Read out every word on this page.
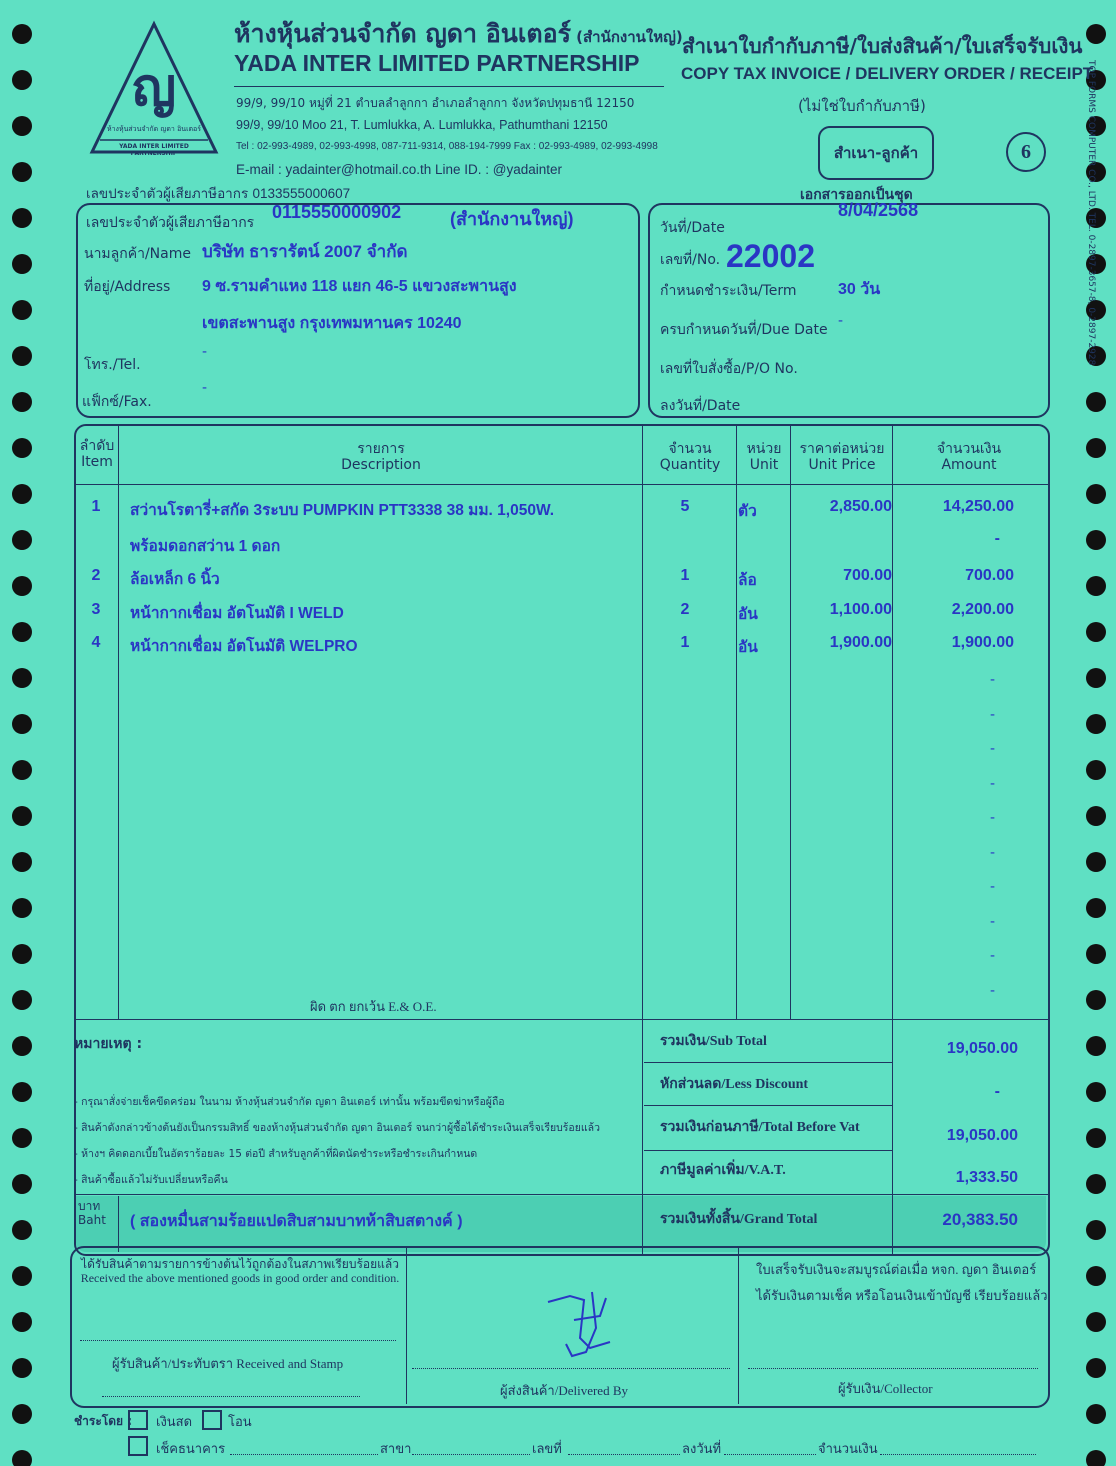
TOP FORMS COMPUTER CO., LTD. TEL. 0-2897-3657-8, 0-2897-2928
ญ
ห้างหุ้นส่วนจำกัด ญดา อินเตอร์
YADA INTER LIMITED PARTNERSHIP
ห้างหุ้นส่วนจำกัด ญดา อินเตอร์ (สำนักงานใหญ่)
YADA INTER LIMITED PARTNERSHIP
99/9, 99/10 หมู่ที่ 21 ตำบลลำลูกกา อำเภอลำลูกกา จังหวัดปทุมธานี 12150
99/9, 99/10 Moo 21, T. Lumlukka, A. Lumlukka, Pathumthani 12150
Tel : 02-993-4989, 02-993-4998, 087-711-9314, 088-194-7999 Fax : 02-993-4989, 02-993-4998
E-mail : yadainter@hotmail.co.th Line ID. : @yadainter
เลขประจำตัวผู้เสียภาษีอากร 0133555000607
สำเนาใบกำกับภาษี/ใบส่งสินค้า/ใบเสร็จรับเงิน
COPY TAX INVOICE / DELIVERY ORDER / RECEIPT
(ไม่ใช่ใบกำกับภาษี)
สำเนา-ลูกค้า	6
เอกสารออกเป็นชุด
เลขประจำตัวผู้เสียภาษีอากร
0115550000902	(สำนักงานใหญ่)
นามลูกค้า/Name บริษัท ธารารัตน์ 2007 จำกัด
ที่อยู่/Address 9 ซ.รามคำแหง 118 แยก 46-5 แขวงสะพานสูง
เขตสะพานสูง กรุงเทพมหานคร 10240
โทร./Tel.
-
แฟ็กซ์/Fax.
-
วันที่/Date
8/04/2568
เลขที่/No. 22002
กำหนดชำระเงิน/Term	30 วัน
ครบกำหนดวันที่/Due Date
-
เลขที่ใบสั่งซื้อ/P/O No.
ลงวันที่/Date
ลำดับ
Item
รายการ
Description
จำนวน
Quantity
หน่วย
Unit
ราคาต่อหน่วย
Unit Price
จำนวนเงิน
Amount
1	สว่านโรตารี่+สกัด 3ระบบ PUMPKIN PTT3338 38 มม. 1,050W.	5	ตัว	2,850.00	14,250.00
พร้อมดอกสว่าน 1 ดอก	-
2	ล้อเหล็ก 6 นิ้ว	1	ล้อ	700.00	700.00
3	หน้ากากเชื่อม อัตโนมัติ I WELD	2	อัน	1,100.00	2,200.00
4	หน้ากากเชื่อม อัตโนมัติ WELPRO	1	อัน	1,900.00	1,900.00
-
-
-
-
-
-
-
-
-
-
ผิด ตก ยกเว้น E.& O.E.
หมายเหตุ :
- กรุณาสั่งจ่ายเช็คขีดคร่อม ในนาม ห้างหุ้นส่วนจำกัด ญดา อินเตอร์ เท่านั้น พร้อมขีดฆ่าหรือผู้ถือ
- สินค้าดังกล่าวข้างต้นยังเป็นกรรมสิทธิ์ ของห้างหุ้นส่วนจำกัด ญดา อินเตอร์ จนกว่าผู้ซื้อได้ชำระเงินเสร็จเรียบร้อยแล้ว
- ห้างฯ คิดดอกเบี้ยในอัตราร้อยละ 15 ต่อปี สำหรับลูกค้าที่ผิดนัดชำระหรือชำระเกินกำหนด
- สินค้าซื้อแล้วไม่รับเปลี่ยนหรือคืน
รวมเงิน/Sub Total	19,050.00
หักส่วนลด/Less Discount	-
รวมเงินก่อนภาษี/Total Before Vat	19,050.00
ภาษีมูลค่าเพิ่ม/V.A.T.	1,333.50
รวมเงินทั้งสิ้น/Grand Total	20,383.50
บาท
Baht ( สองหมื่นสามร้อยแปดสิบสามบาทห้าสิบสตางค์ )
ได้รับสินค้าตามรายการข้างต้นไว้ถูกต้องในสภาพเรียบร้อยแล้ว
Received the above mentioned goods in good order and condition.
ผู้รับสินค้า/ประทับตรา Received and Stamp
ผู้ส่งสินค้า/Delivered By
ใบเสร็จรับเงินจะสมบูรณ์ต่อเมื่อ หจก. ญดา อินเตอร์
ได้รับเงินตามเช็ค หรือโอนเงินเข้าบัญชี เรียบร้อยแล้ว
ผู้รับเงิน/Collector
ชำระโดย : เงินสด	โอน
เช็คธนาคาร	สาขา	เลขที่	ลงวันที่	จำนวนเงิน
